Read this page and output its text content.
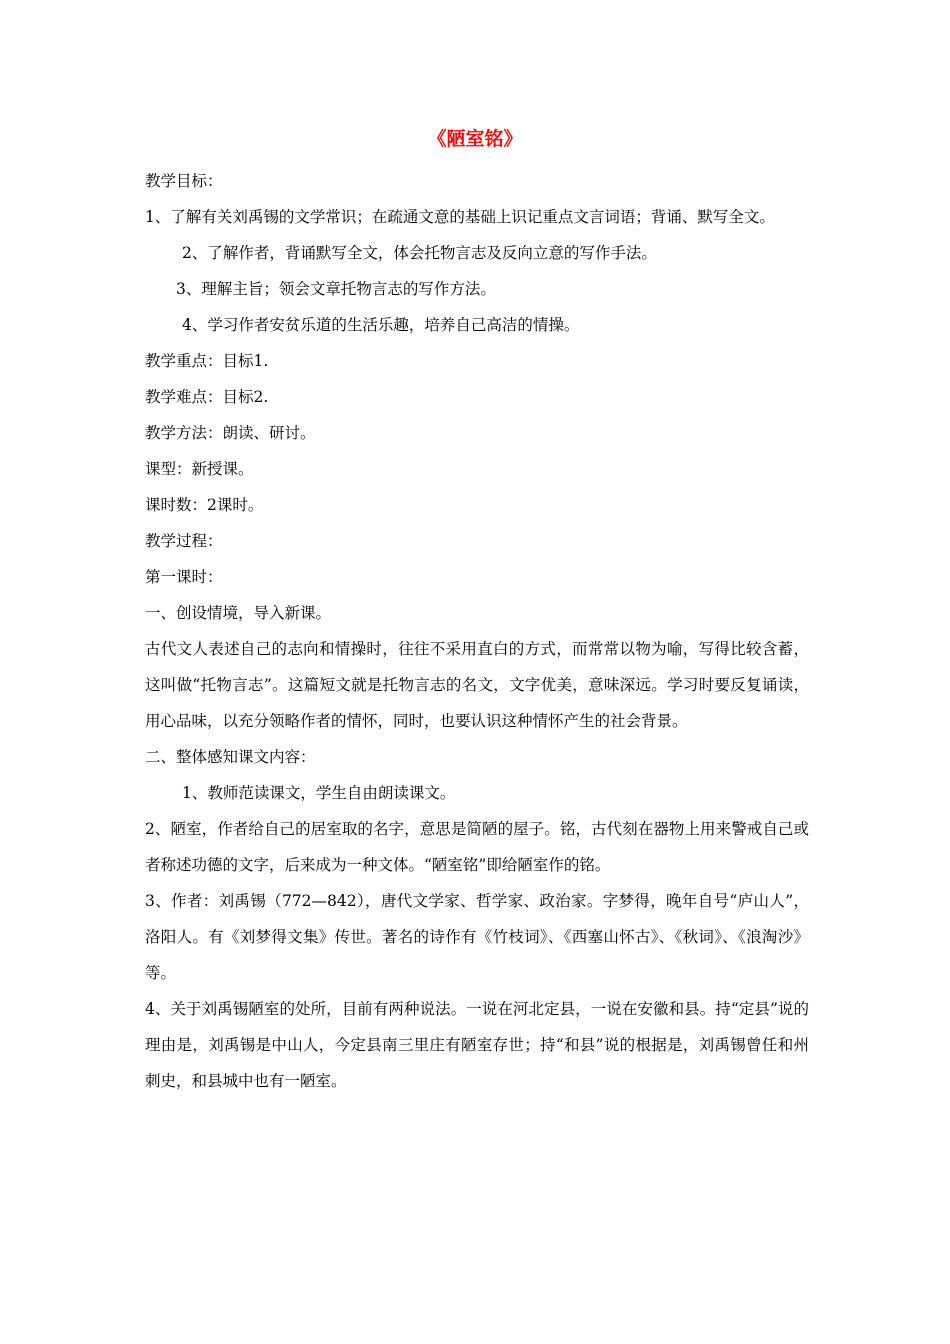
《陋室铭》

教学目标：

1、了解有关刘禹锡的文学常识；在疏通文意的基础上识记重点文言词语；背诵、默写全文。

2、了解作者，背诵默写全文，体会托物言志及反向立意的写作手法。

3、理解主旨；领会文章托物言志的写作方法。

4、学习作者安贫乐道的生活乐趣，培养自己高洁的情操。

教学重点：目标1.

教学难点：目标2.

教学方法：朗读、研讨。

课型：新授课。

课时数：2课时。

教学过程：

第一课时：

一、创设情境，导入新课。

古代文人表述自己的志向和情操时，往往不采用直白的方式，而常常以物为喻，写得比较含蓄，这叫做“托物言志”。这篇短文就是托物言志的名文，文字优美，意味深远。学习时要反复诵读，用心品味，以充分领略作者的情怀，同时，也要认识这种情怀产生的社会背景。

二、整体感知课文内容：

1、教师范读课文，学生自由朗读课文。

2、陋室，作者给自己的居室取的名字，意思是简陋的屋子。铭，古代刻在器物上用来警戒自己或者称述功德的文字，后来成为一种文体。“陋室铭”即给陋室作的铭。

3、作者：刘禹锡（772—842），唐代文学家、哲学家、政治家。字梦得，晚年自号“庐山人”，洛阳人。有《刘梦得文集》传世。著名的诗作有《竹枝词》、《西塞山怀古》、《秋词》、《浪淘沙》等。

4、关于刘禹锡陋室的处所，目前有两种说法。一说在河北定县，一说在安徽和县。持“定县”说的理由是，刘禹锡是中山人，今定县南三里庄有陋室存世；持“和县”说的根据是，刘禹锡曾任和州刺史，和县城中也有一陋室。
